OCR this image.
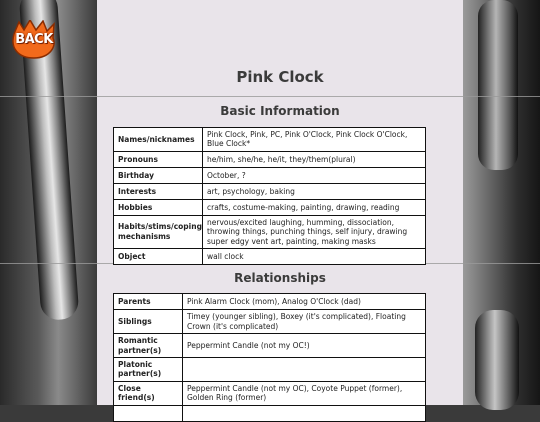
BACK
Pink Clock
Basic Information
Names/nicknames	Pink Clock, Pink, PC, Pink O'Clock, Pink Clock O'Clock, Blue Clock*
Pronouns	he/him, she/he, he/it, they/them(plural)
Birthday	October, ?
Interests	art, psychology, baking
Hobbies	crafts, costume-making, painting, drawing, reading
Habits/stims/coping mechanisms	nervous/excited laughing, humming, dissociation, throwing things, punching things, self injury, drawing super edgy vent art, painting, making masks
Object	wall clock
Relationships
Parents	Pink Alarm Clock (mom), Analog O'Clock (dad)
Siblings	Timey (younger sibling), Boxey (it's complicated), Floating Crown (it's complicated)
Romantic partner(s)	Peppermint Candle (not my OC!)
Platonic partner(s)	
Close friend(s)	Peppermint Candle (not my OC), Coyote Puppet (former), Golden Ring (former)
